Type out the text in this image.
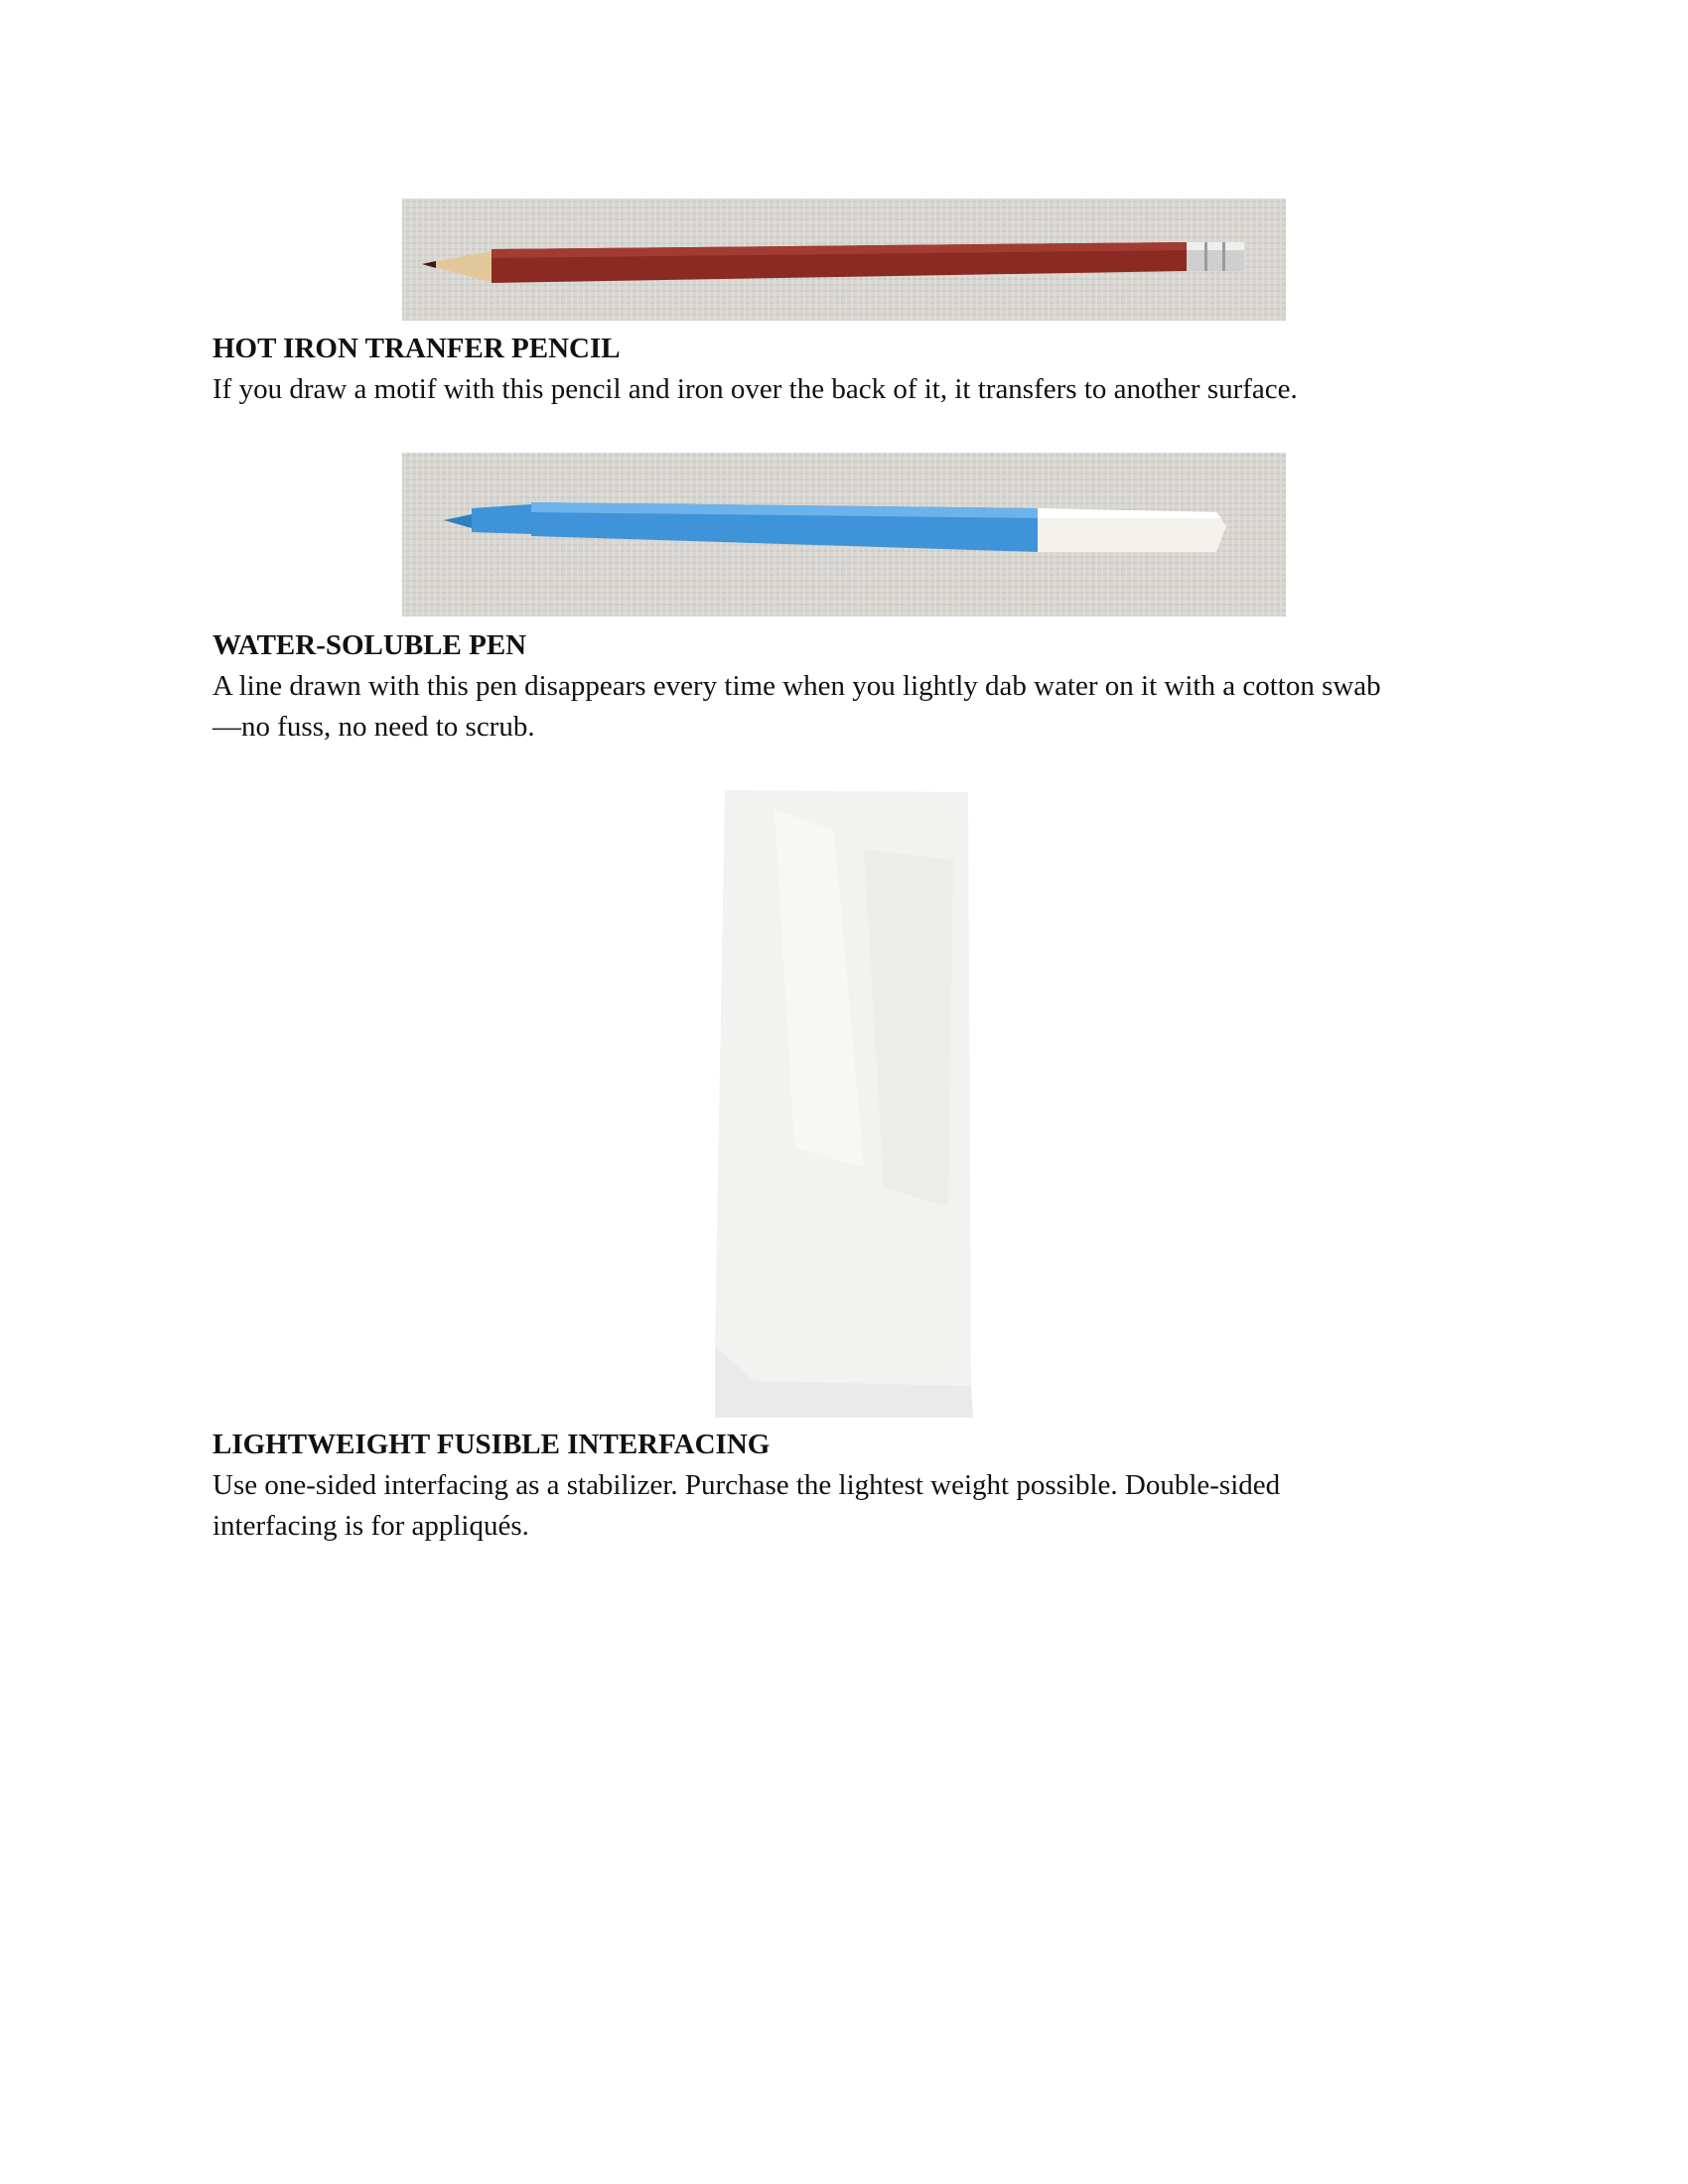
HOT IRON TRANFER PENCIL
If you draw a motif with this pencil and iron over the back of it, it transfers to another surface.
WATER-SOLUBLE PEN
A line drawn with this pen disappears every time when you lightly dab water on it with a cotton swab
—no fuss, no need to scrub.
LIGHTWEIGHT FUSIBLE INTERFACING
Use one-sided interfacing as a stabilizer. Purchase the lightest weight possible. Double-sided
interfacing is for appliqués.
